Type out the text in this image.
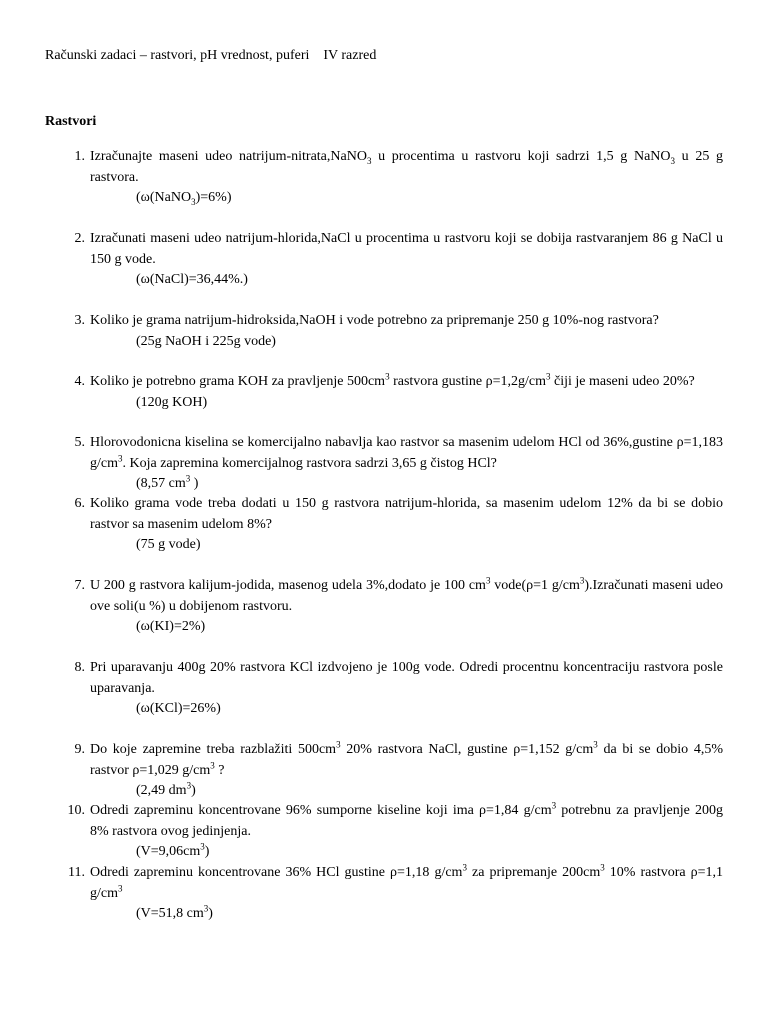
Računski zadaci – rastvori, pH vrednost, puferi    IV razred
Rastvori
1. Izračunajte maseni udeo natrijum-nitrata,NaNO$_3$ u procentima u rastvoru koji sadrzi 1,5 g NaNO$_3$ u 25 g rastvora.
(ω(NaNO$_3$)=6%)
2. Izračunati maseni udeo natrijum-hlorida,NaCl u procentima u rastvoru koji se dobija rastvaranjem 86 g NaCl u 150 g vode.
(ω(NaCl)=36,44%.)
3. Koliko je grama natrijum-hidroksida,NaOH i vode potrebno za pripremanje 250 g 10%-nog rastvora?
(25g NaOH i 225g vode)
4. Koliko je potrebno grama KOH za pravljenje $500cm^3$ rastvora gustine $\rho=1,2g/cm^3$ čiji je maseni udeo 20%?
(120g KOH)
5. Hlorovodonicna kiselina se komercijalno nabavlja kao rastvor sa masenim udelom HCl od 36%,gustine ρ=1,183 $g/cm^3$. Koja zapremina komercijalnog rastvora sadrzi 3,65 g čistog HCl?
(8,57 $cm^3$ )
6. Koliko grama vode treba dodati u 150 g rastvora natrijum-hlorida, sa masenim udelom 12% da bi se dobio rastvor sa masenim udelom 8%?
(75 g vode)
7. U 200 g rastvora kalijum-jodida, masenog udela 3%,dodato je 100 $cm^3$ vode(ρ=1 $g/cm^3).Izračunati$ maseni udeo ove soli(u %) u dobijenom rastvoru.
(ω(KI)=2%)
8. Pri uparavanju 400g 20% rastvora KCl izdvojeno je 100g vode. Odredi procentnu koncentraciju rastvora posle uparavanja.
(ω(KCl)=26%)
9. Do koje zapremine treba razblažiti $500cm^3$ 20% rastvora NaCl, gustine ρ=1,152 $g/cm^3$ da bi se dobio 4,5% rastvor ρ=1,029 $g/cm^3$ ?
(2,49 $dm^3$)
10. Odredi zapreminu koncentrovane 96% sumporne kiseline koji ima ρ=1,84 $g/cm^3$ potrebnu za pravljenje 200g 8% rastvora ovog jedinjenja.
$(V=9,06cm^3)$
11. Odredi zapreminu koncentrovane 36% HCl gustine ρ=1,18 $g/cm^3$ za pripremanje $200cm^3$ 10% rastvora ρ=1,1 $g/cm^3$
(V=51,8 $cm^3$)
